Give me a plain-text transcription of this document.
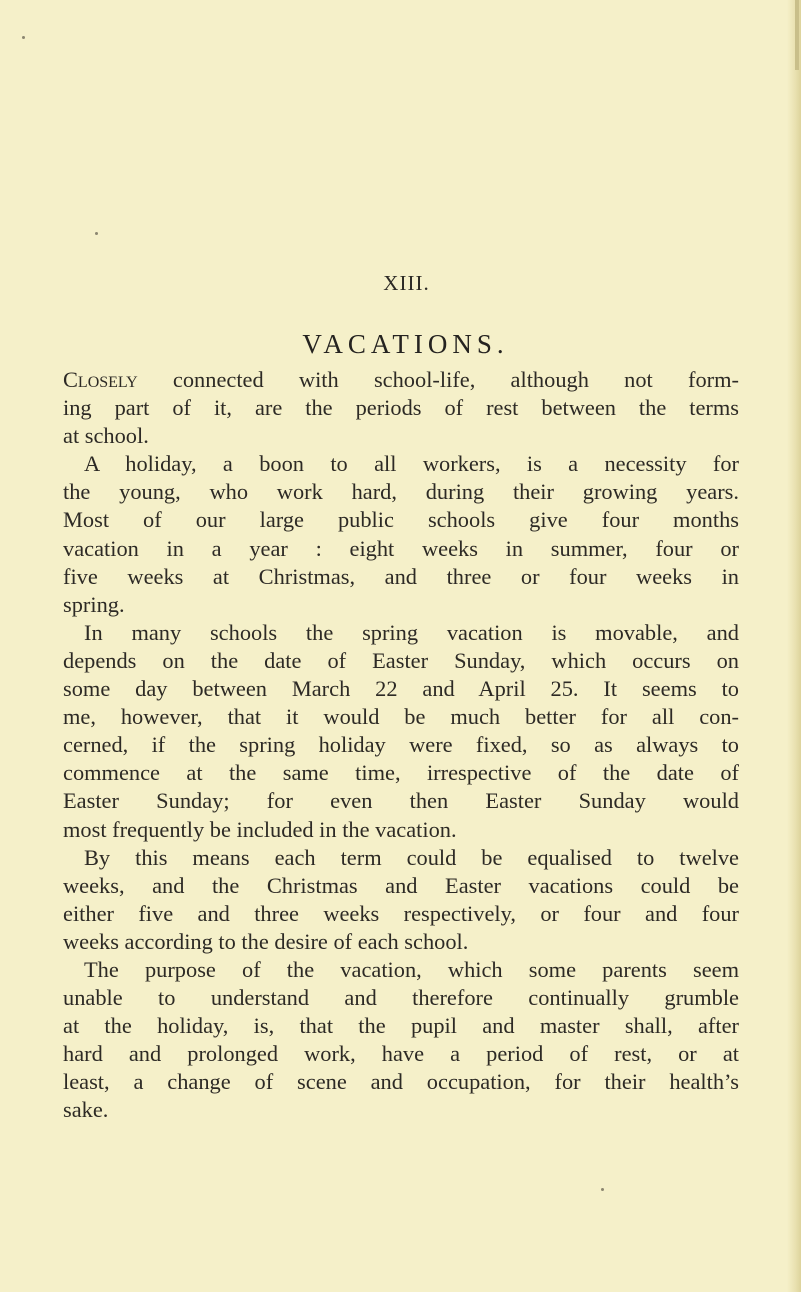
XIII.
VACATIONS.
Closely connected with school-life, although not form-
ing part of it, are the periods of rest between the terms
at school.
A holiday, a boon to all workers, is a necessity for
the young, who work hard, during their growing years.
Most of our large public schools give four months
vacation in a year : eight weeks in summer, four or
five weeks at Christmas, and three or four weeks in
spring.
In many schools the spring vacation is movable, and
depends on the date of Easter Sunday, which occurs on
some day between March 22 and April 25. It seems to
me, however, that it would be much better for all con-
cerned, if the spring holiday were fixed, so as always to
commence at the same time, irrespective of the date of
Easter Sunday; for even then Easter Sunday would
most frequently be included in the vacation.
By this means each term could be equalised to twelve
weeks, and the Christmas and Easter vacations could be
either five and three weeks respectively, or four and four
weeks according to the desire of each school.
The purpose of the vacation, which some parents seem
unable to understand and therefore continually grumble
at the holiday, is, that the pupil and master shall, after
hard and prolonged work, have a period of rest, or at
least, a change of scene and occupation, for their health’s
sake.
